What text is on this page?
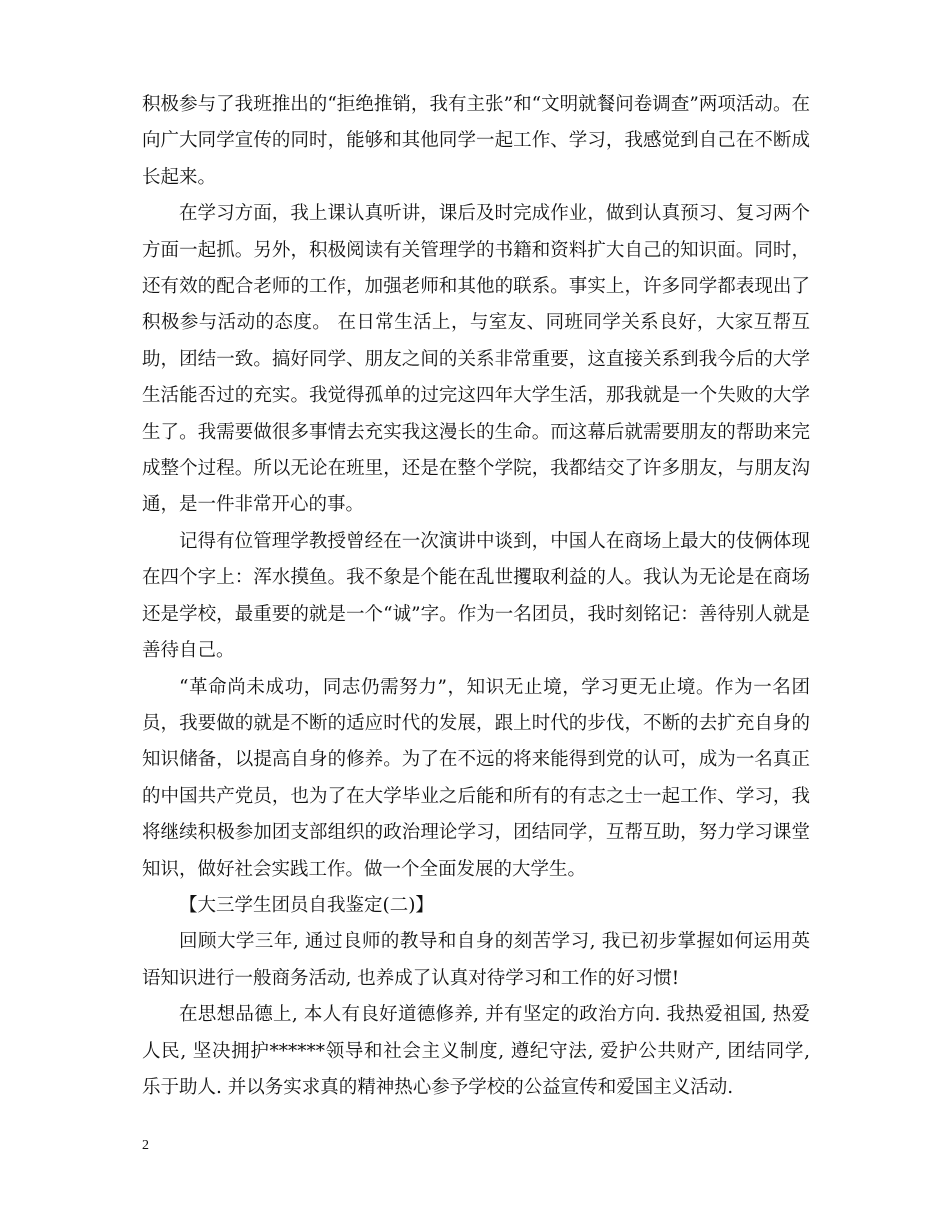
积极参与了我班推出的“拒绝推销，我有主张”和“文明就餐问卷调查”两项活动。在向广大同学宣传的同时，能够和其他同学一起工作、学习，我感觉到自己在不断成长起来。

在学习方面，我上课认真听讲，课后及时完成作业，做到认真预习、复习两个方面一起抓。另外，积极阅读有关管理学的书籍和资料扩大自己的知识面。同时，还有效的配合老师的工作，加强老师和其他的联系。事实上，许多同学都表现出了积极参与活动的态度。 在日常生活上，与室友、同班同学关系良好，大家互帮互助，团结一致。搞好同学、朋友之间的关系非常重要，这直接关系到我今后的大学生活能否过的充实。我觉得孤单的过完这四年大学生活，那我就是一个失败的大学生了。我需要做很多事情去充实我这漫长的生命。而这幕后就需要朋友的帮助来完成整个过程。所以无论在班里，还是在整个学院，我都结交了许多朋友，与朋友沟通，是一件非常开心的事。

记得有位管理学教授曾经在一次演讲中谈到，中国人在商场上最大的伎俩体现在四个字上：浑水摸鱼。我不象是个能在乱世攫取利益的人。我认为无论是在商场还是学校，最重要的就是一个“诚”字。作为一名团员，我时刻铭记：善待别人就是善待自己。

“革命尚未成功，同志仍需努力”，知识无止境，学习更无止境。作为一名团员，我要做的就是不断的适应时代的发展，跟上时代的步伐，不断的去扩充自身的知识储备，以提高自身的修养。为了在不远的将来能得到党的认可，成为一名真正的中国共产党员，也为了在大学毕业之后能和所有的有志之士一起工作、学习，我将继续积极参加团支部组织的政治理论学习，团结同学，互帮互助，努力学习课堂知识，做好社会实践工作。做一个全面发展的大学生。

【大三学生团员自我鉴定(二)】

回顾大学三年, 通过良师的教导和自身的刻苦学习, 我已初步掌握如何运用英语知识进行一般商务活动, 也养成了认真对待学习和工作的好习惯!

在思想品德上, 本人有良好道德修养, 并有坚定的政治方向. 我热爱祖国, 热爱人民, 坚决拥护******领导和社会主义制度, 遵纪守法, 爱护公共财产, 团结同学, 乐于助人. 并以务实求真的精神热心参予学校的公益宣传和爱国主义活动.

2
